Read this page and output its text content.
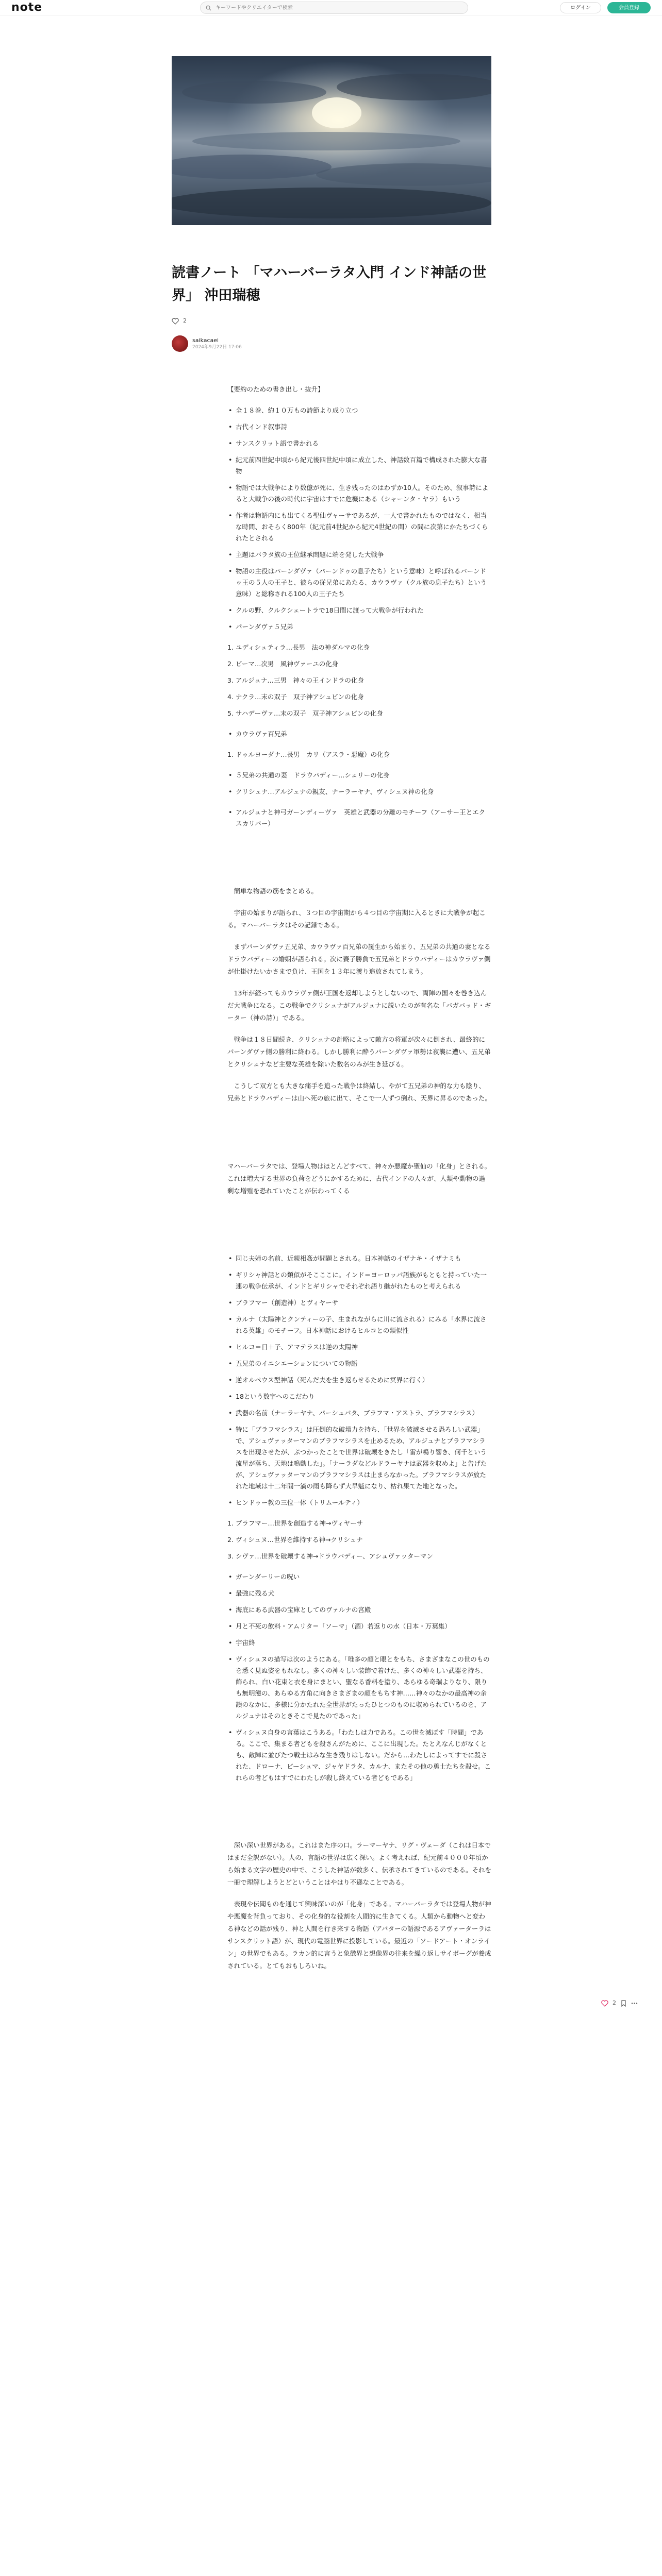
note
キーワードやクリエイターで検索	ログイン	会員登録
読書ノート 「マハーバーラタ入門 インド神話の世界」 沖田瑞穂
2
saikacaei
2024年9月22日 17:06

【要約のための書き出し・抜升】

• 全１８巻、約１０万もの詩節より成り立つ
• 古代インド叙事詩
• サンスクリット語で書かれる
• 紀元前四世紀中頃から紀元後四世紀中頃に成立した、神話数百篇で構成された膨大な書物
• 物語では大戦争により数億が死に、生き残ったのはわずか10人。そのため、叙事詩によると大戦争の後の時代に宇宙はすでに危機にある（シャーンタ・ヤラ）もいう
• 作者は物語内にも出てくる聖仙ヴャーサであるが、一人で書かれたものではなく、相当な時間、おそらく800年（紀元前4世紀から紀元4世紀の間）の間に次第にかたちづくられたとされる
• 主題はバラタ族の王位継承問題に端を発した大戦争
• 物語の主役はパーンダヴァ（パーンドゥの息子たち）という意味）と呼ばれるパーンドゥ王の５人の王子と、彼らの従兄弟にあたる、カウラヴァ（クル族の息子たち）という意味）と総称される100人の王子たち
• クルの野、クルクシェートラで18日間に渡って大戦争が行われた
• パーンダヴァ５兄弟
1. ユディシュティラ…長男　法の神ダルマの化身
2. ビーマ…次男　風神ヴァーユの化身
3. アルジュナ…三男　神々の王インドラの化身
4. ナクラ…末の双子　双子神アシュビンの化身
5. サハデーヴァ…末の双子　双子神アシュビンの化身
• カウラヴァ百兄弟
1. ドゥルヨーダナ…長男　カリ（アスラ・悪魔）の化身
• ５兄弟の共通の妻　ドラウパディー…シュリーの化身
• クリシュナ…アルジュナの親友、ナーラーヤナ、ヴィシュヌ神の化身
• アルジュナと神弓ガーンディーヴァ　英雄と武器の分離のモチーフ（アーサー王とエクスカリバー）

簡単な物語の筋をまとめる。

宇宙の始まりが語られ、３つ目の宇宙期から４つ目の宇宙期に入るときに大戦争が起こる。マハーバーラタはその記録である。

まずパーンダヴァ五兄弟、カウラヴァ百兄弟の誕生から始まり、五兄弟の共通の妻となるドラウパディーの婚姻が語られる。次に賽子勝負で五兄弟とドラウパディーはカウラヴァ側が仕掛けたいかさまで負け、王国を１３年に渡り追放されてしまう。

13年が経ってもカウラヴァ側が王国を返却しようとしないので、両陣の国々を巻き込んだ大戦争になる。この戦争でクリシュナがアルジュナに説いたのが有名な「バガバッド・ギーター（神の詩）」である。

戦争は１８日間続き、クリシュナの計略によって敵方の将軍が次々に倒され、最終的にパーンダヴァ側の勝利に終わる。しかし勝利に酔うパーンダヴァ軍勢は夜襲に遭い、五兄弟とクリシュナなど主要な英雄を除いた数名のみが生き延びる。

こうして双方とも大きな痛手を追った戦争は終結し、やがて五兄弟の神的な力も陰り、兄弟とドラウパディーは山へ死の旅に出て、そこで一人ずつ倒れ、天界に昇るのであった。

マハーバーラタでは、登場人物はほとんどすべて、神々か悪魔か聖仙の「化身」とされる。これは増大する世界の負荷をどうにかするために、古代インドの人々が、人類や動物の過剰な増殖を恐れていたことが伝わってくる

• 同じ夫婦の名前、近親相姦が問題とされる。日本神話のイザナキ・イザナミも
• ギリシャ神話との類似がそこここに。インド＝ヨーロッパ語族がもともと持っていた一連の戦争伝承が、インドとギリシャでそれぞれ語り継がれたものと考えられる
• ブラフマー（創造神）とヴィヤーサ
• カルナ（太陽神とクンティーの子、生まれながらに川に流される）にみる「水界に流される英雄」のモチーフ。日本神話におけるヒルコとの類似性
• ヒルコ＝日＋子、アマテラスは逆の太陽神
• 五兄弟のイニシエーションについての物語
• 逆オルペウス型神話（死んだ夫を生き返らせるために冥界に行く）
• 18という数字へのこだわり
• 武器の名前（ナーラーヤナ、パーシュパタ、ブラフマ・アストラ、ブラフマシラス）
• 特に「ブラフマシラス」は圧倒的な破壊力を持ち、「世界を破滅させる恐ろしい武器」で、アシュヴァッターマンのブラフマシラスを止めるため、アルジュナとブラフマシラスを出現させたが、ぶつかったことで世界は破壊をきたし「雷が鳴り響き、何千という流星が落ち、天地は鳴動した」。「ナーラダなどルドラーヤナは武器を収めよ」と告げたが、アシュヴァッターマンのブラフマシラスは止まらなかった。ブラフマシラスが放たれた地域は十二年間一滴の雨も降らず大旱魃になり、枯れ果てた地となった。
• ヒンドゥー教の三位一体（トリムールティ）
1. ブラフマー…世界を創造する神→ヴィヤーサ
2. ヴィシュヌ…世界を維持する神→クリシュナ
3. シヴァ…世界を破壊する神→ドラウパディー、アシュヴァッターマン
• ガーンダーリーの呪い
• 最強に残る犬
• 海底にある武器の宝庫としてのヴァルナの宮殿
• 月と不死の飲料・アムリタ＝「ソーマ」（酒）若返りの水（日本・万葉集）
• 宇宙終
• ヴィシュヌの描写は次のようにある。「唯多の顔と眼とをもち、さまざまなこの世のものを悉く見ぬ姿をもれなし。多くの神々しい装飾で着けた、多くの神々しい武器を持ち、飾られ、白い花束と衣を身にまとい、聖なる香料を塗り、あらゆる奇瑞よりなり、限りも無明態の、あらゆる方角に向きさまざまの顔をもちす神……神々のなかの最高神の余韻のなかに、多様に分かたれた全世界がたったひとつのものに収められているのを、アルジュナはそのときそこで見たのであった」
• ヴィシュヌ自身の言葉はこうある。「わたしは力である。この世を滅ぼす「時間」である。ここで、集まる者どもを殺さんがために、ここに出現した。たとえなんじがなくとも、敵陣に並びたつ戦士はみな生き残りはしない。だから…わたしによってすでに殺された、ドローナ、ビーシュマ、ジャヤドラタ、カルナ、またその他の勇士たちを殺せ。これらの者どもはすでにわたしが殺し終えている者どもである」

深い深い世界がある。これはまた序の口。ラーマーヤナ、リグ・ヴェーダ（これは日本ではまだ全訳がない）。人の、言語の世界は広く深い。よく考えれば、紀元前４０００年頃から始まる文字の歴史の中で、こうした神話が数多く、伝承されてきているのである。それを一冊で理解しようとどということはやはり不遜なことである。

表現や伝聞ものを通じて興味深いのが「化身」である。マハーバーラタでは登場人物が神や悪魔を背負っており、その化身的な役割を人間的に生きてくる。人類から動物へと変わる神などの話が残り、神と人間を行き来する物語（アバターの語源であるアヴァーターラはサンスクリット語）が、現代の電脳世界に投影している。最近の「ソードアート・オンライン」の世界でもある。ラカン的に言うと象徴界と想像界の往来を繰り返しサイボーグが養成されている。とてもおもしろいね。

2
